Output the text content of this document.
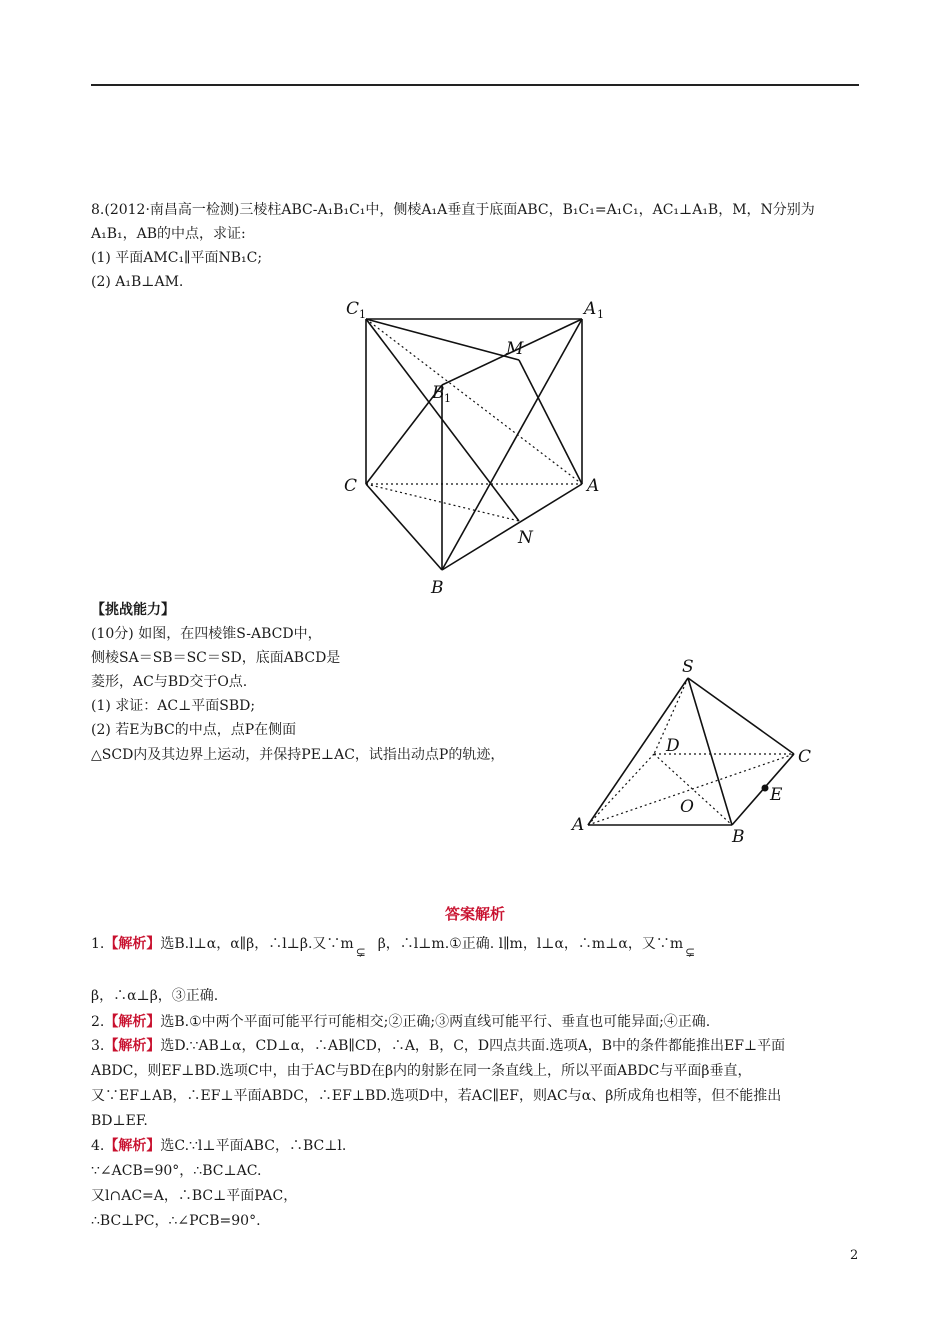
8.(2012·南昌高一检测)三棱柱ABC-A₁B₁C₁中，侧棱A₁A垂直于底面ABC，B₁C₁=A₁C₁，AC₁⊥A₁B，M，N分别为
A₁B₁，AB的中点，求证:
(1) 平面AMC₁∥平面NB₁C;
(2) A₁B⊥AM.
C 1	A 1
M
B 1
C	A
N
B
【挑战能力】
(10分) 如图，在四棱锥S-ABCD中，
侧棱SA＝SB＝SC＝SD，底面ABCD是
菱形，AC与BD交于O点.
(1) 求证：AC⊥平面SBD;
(2) 若E为BC的中点，点P在侧面
△SCD内及其边界上运动，并保持PE⊥AC，试指出动点P的轨迹，
S
D
C
E
O
A
B
答案解析
1.【解析】选B.l⊥α，α∥β，∴l⊥β.又∵m ⊊ β，∴l⊥m.①正确. l∥m，l⊥α，∴m⊥α，又∵m ⊊
β，∴α⊥β，③正确.
2.【解析】选B.①中两个平面可能平行可能相交;②正确;③两直线可能平行、垂直也可能异面;④正确.
3.【解析】选D.∵AB⊥α，CD⊥α，∴AB∥CD，∴A，B，C，D四点共面.选项A，B中的条件都能推出EF⊥平面
ABDC，则EF⊥BD.选项C中，由于AC与BD在β内的射影在同一条直线上，所以平面ABDC与平面β垂直，
又∵EF⊥AB，∴EF⊥平面ABDC，∴EF⊥BD.选项D中，若AC∥EF，则AC与α、β所成角也相等，但不能推出
BD⊥EF.
4.【解析】选C.∵l⊥平面ABC，∴BC⊥l.
∵∠ACB=90°，∴BC⊥AC.
又l∩AC=A，∴BC⊥平面PAC，
∴BC⊥PC，∴∠PCB=90°.
2
